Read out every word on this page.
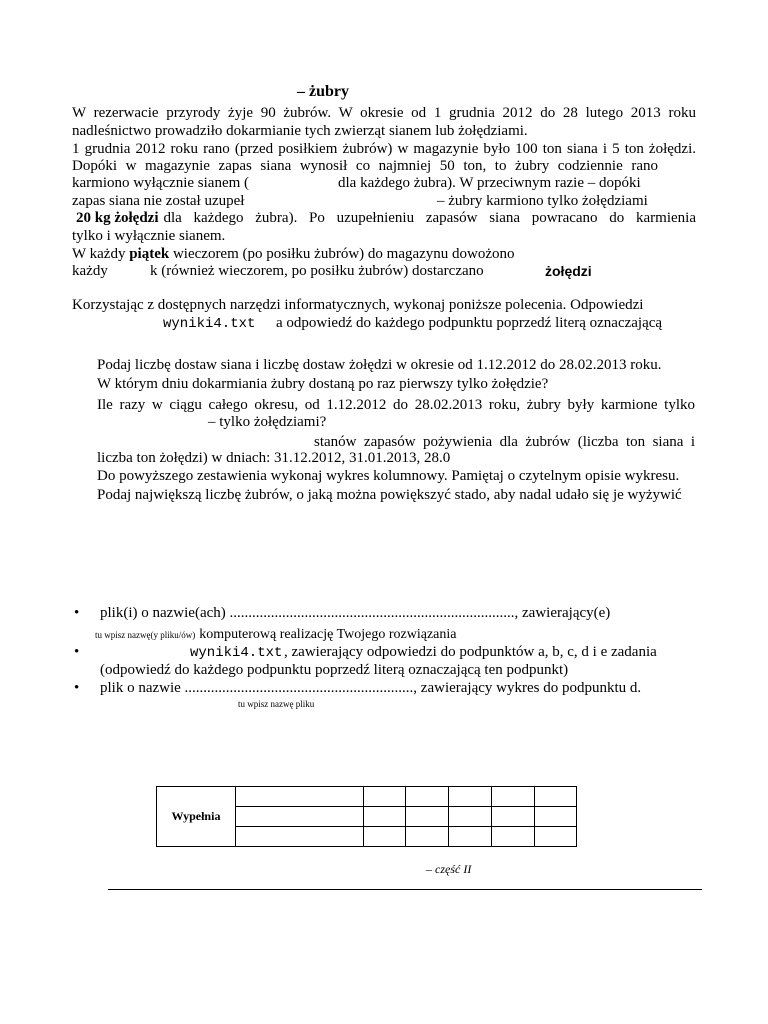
– żubry
W rezerwacie przyrody żyje 90 żubrów. W okresie od 1 grudnia 2012 do 28 lutego 2013 roku
nadleśnictwo prowadziło dokarmianie tych zwierząt sianem lub żołędziami.
1 grudnia 2012 roku rano (przed posiłkiem żubrów) w magazynie było 100 ton siana i 5 ton żołędzi.
Dopóki w magazynie zapas siana wynosił co najmniej 50 ton, to żubry codziennie rano
karmiono wyłącznie sianem (	dla każdego żubra). W przeciwnym razie – dopóki
zapas siana nie został uzupeł	– żubry karmiono tylko żołędziami
20 kg żołędzi dla każdego żubra). Po uzupełnieniu zapasów siana powracano do karmienia
tylko i wyłącznie sianem.
W każdy piątek wieczorem (po posiłku żubrów) do magazynu dowożono
każdy	k (również wieczorem, po posiłku żubrów) dostarczano	żołędzi
Korzystając z dostępnych narzędzi informatycznych, wykonaj poniższe polecenia. Odpowiedzi
wyniki4.txt a odpowiedź do każdego podpunktu poprzedź literą oznaczającą
Podaj liczbę dostaw siana i liczbę dostaw żołędzi w okresie od 1.12.2012 do 28.02.2013 roku.
W którym dniu dokarmiania żubry dostaną po raz pierwszy tylko żołędzie?
Ile razy w ciągu całego okresu, od 1.12.2012 do 28.02.2013 roku, żubry były karmione tylko
– tylko żołędziami?
stanów zapasów pożywienia dla żubrów (liczba ton siana i
liczba ton żołędzi) w dniach: 31.12.2012, 31.01.2013, 28.0
Do powyższego zestawienia wykonaj wykres kolumnowy. Pamiętaj o czytelnym opisie wykresu.
Podaj największą liczbę żubrów, o jaką można powiększyć stado, aby nadal udało się je wyżywić
• plik(i) o nazwie(ach) ............................................................................, zawierający(e)
tu wpisz nazwę(y pliku/ów) komputerową realizację Twojego rozwiązania
•	wyniki4.txt , zawierający odpowiedzi do podpunktów a, b, c, d i e zadania
(odpowiedź do każdego podpunktu poprzedź literą oznaczającą ten podpunkt)
• plik o nazwie ............................................................., zawierający wykres do podpunktu d.
tu wpisz nazwę pliku
Wypełnia						

– część II
